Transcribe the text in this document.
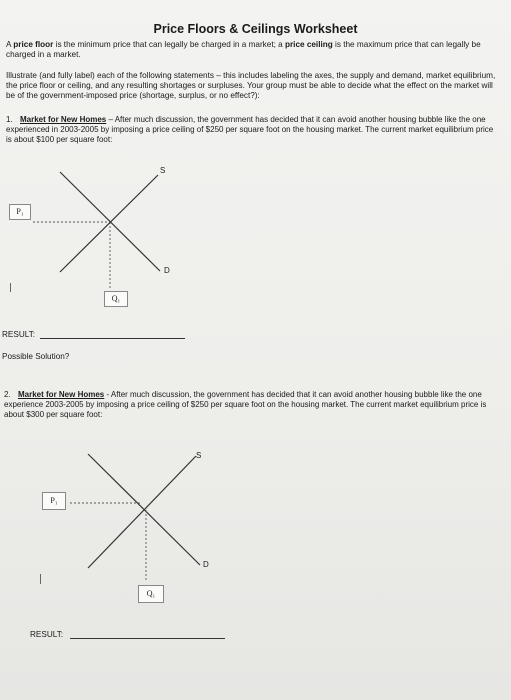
Price Floors & Ceilings Worksheet
A price floor is the minimum price that can legally be charged in a market; a price ceiling is the maximum price that can legally be charged in a market.
Illustrate (and fully label) each of the following statements – this includes labeling the axes, the supply and demand, market equilibrium, the price floor or ceiling, and any resulting shortages or surpluses. Your group must be able to decide what the effect on the market will be of the government-imposed price (shortage, surplus, or no effect?):
1. Market for New Homes – After much discussion, the government has decided that it can avoid another housing bubble like the one experienced in 2003-2005 by imposing a price ceiling of $250 per square foot on the housing market. The current market equilibrium price is about $100 per square foot:
P₁
Q₁
S
D
RESULT:
Possible Solution?
2. Market for New Homes - After much discussion, the government has decided that it can avoid another housing bubble like the one experience 2003-2005 by imposing a price ceiling of $250 per square foot on the housing market. The current market equilibrium price is about $300 per square foot:
P₁
Q₁
S
D
RESULT:
